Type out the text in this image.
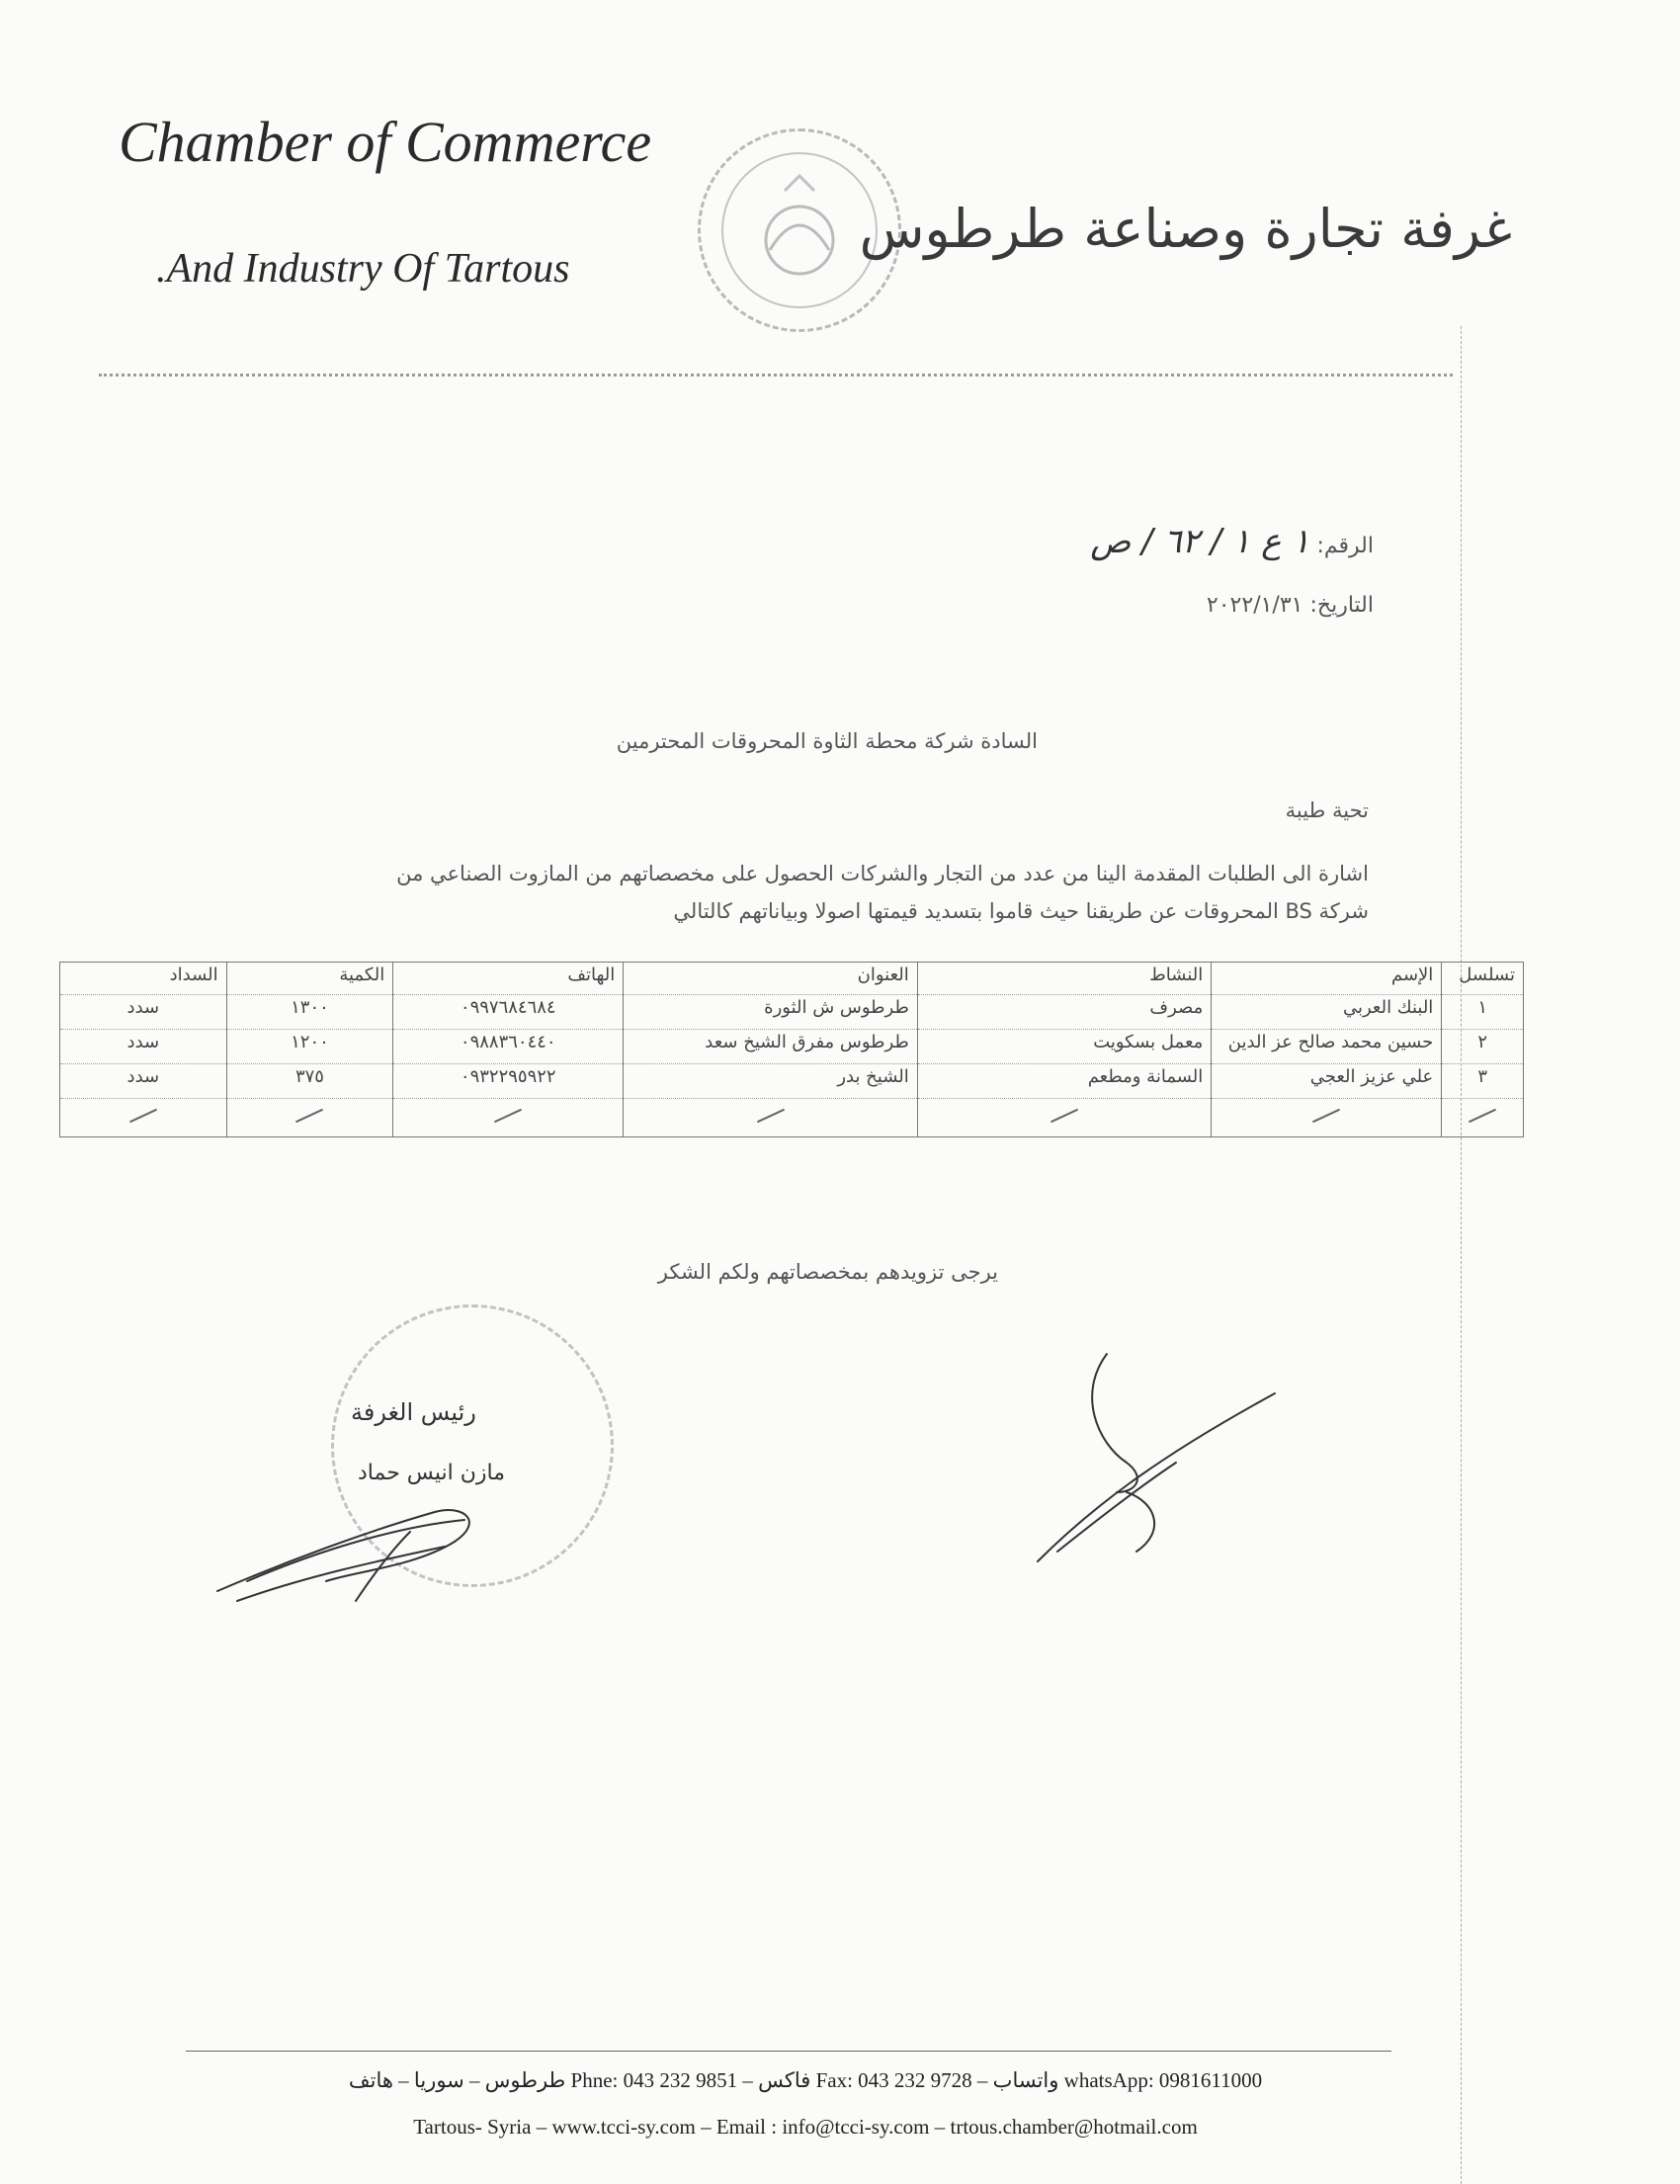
Chamber of Commerce
.And Industry Of Tartous
غرفة تجارة وصناعة طرطوس
الرقم: ١ ع ١ / ٦٢ / ص
التاريخ: ٢٠٢٢/١/٣١
السادة شركة محطة الثاوة المحروقات المحترمين
تحية طيبة
اشارة الى الطلبات المقدمة الينا من عدد من التجار والشركات الحصول على مخصصاتهم من المازوت الصناعي من
شركة BS المحروقات عن طريقنا حيث قاموا بتسديد قيمتها اصولا وبياناتهم كالتالي
تسلسل	الإسم	النشاط	العنوان	الهاتف	الكمية	السداد
١	البنك العربي	مصرف	طرطوس ش الثورة	٠٩٩٧٦٨٤٦٨٤	١٣٠٠	سدد
٢	حسين محمد صالح عز الدين	معمل بسكويت	طرطوس مفرق الشيخ سعد	٠٩٨٨٣٦٠٤٤٠	١٢٠٠	سدد
٣	علي عزيز العجي	السمانة ومطعم	الشيخ بدر	٠٩٣٢٢٩٥٩٢٢	٣٧٥	سدد

يرجى تزويدهم بمخصصاتهم ولكم الشكر
رئيس الغرفة
مازن انيس حماد
طرطوس – سوريا – هاتف Phne: 043 232 9851 – فاكس Fax: 043 232 9728 – واتساب whatsApp: 0981611000
Tartous- Syria – www.tcci-sy.com – Email : info@tcci-sy.com – trtous.chamber@hotmail.com
